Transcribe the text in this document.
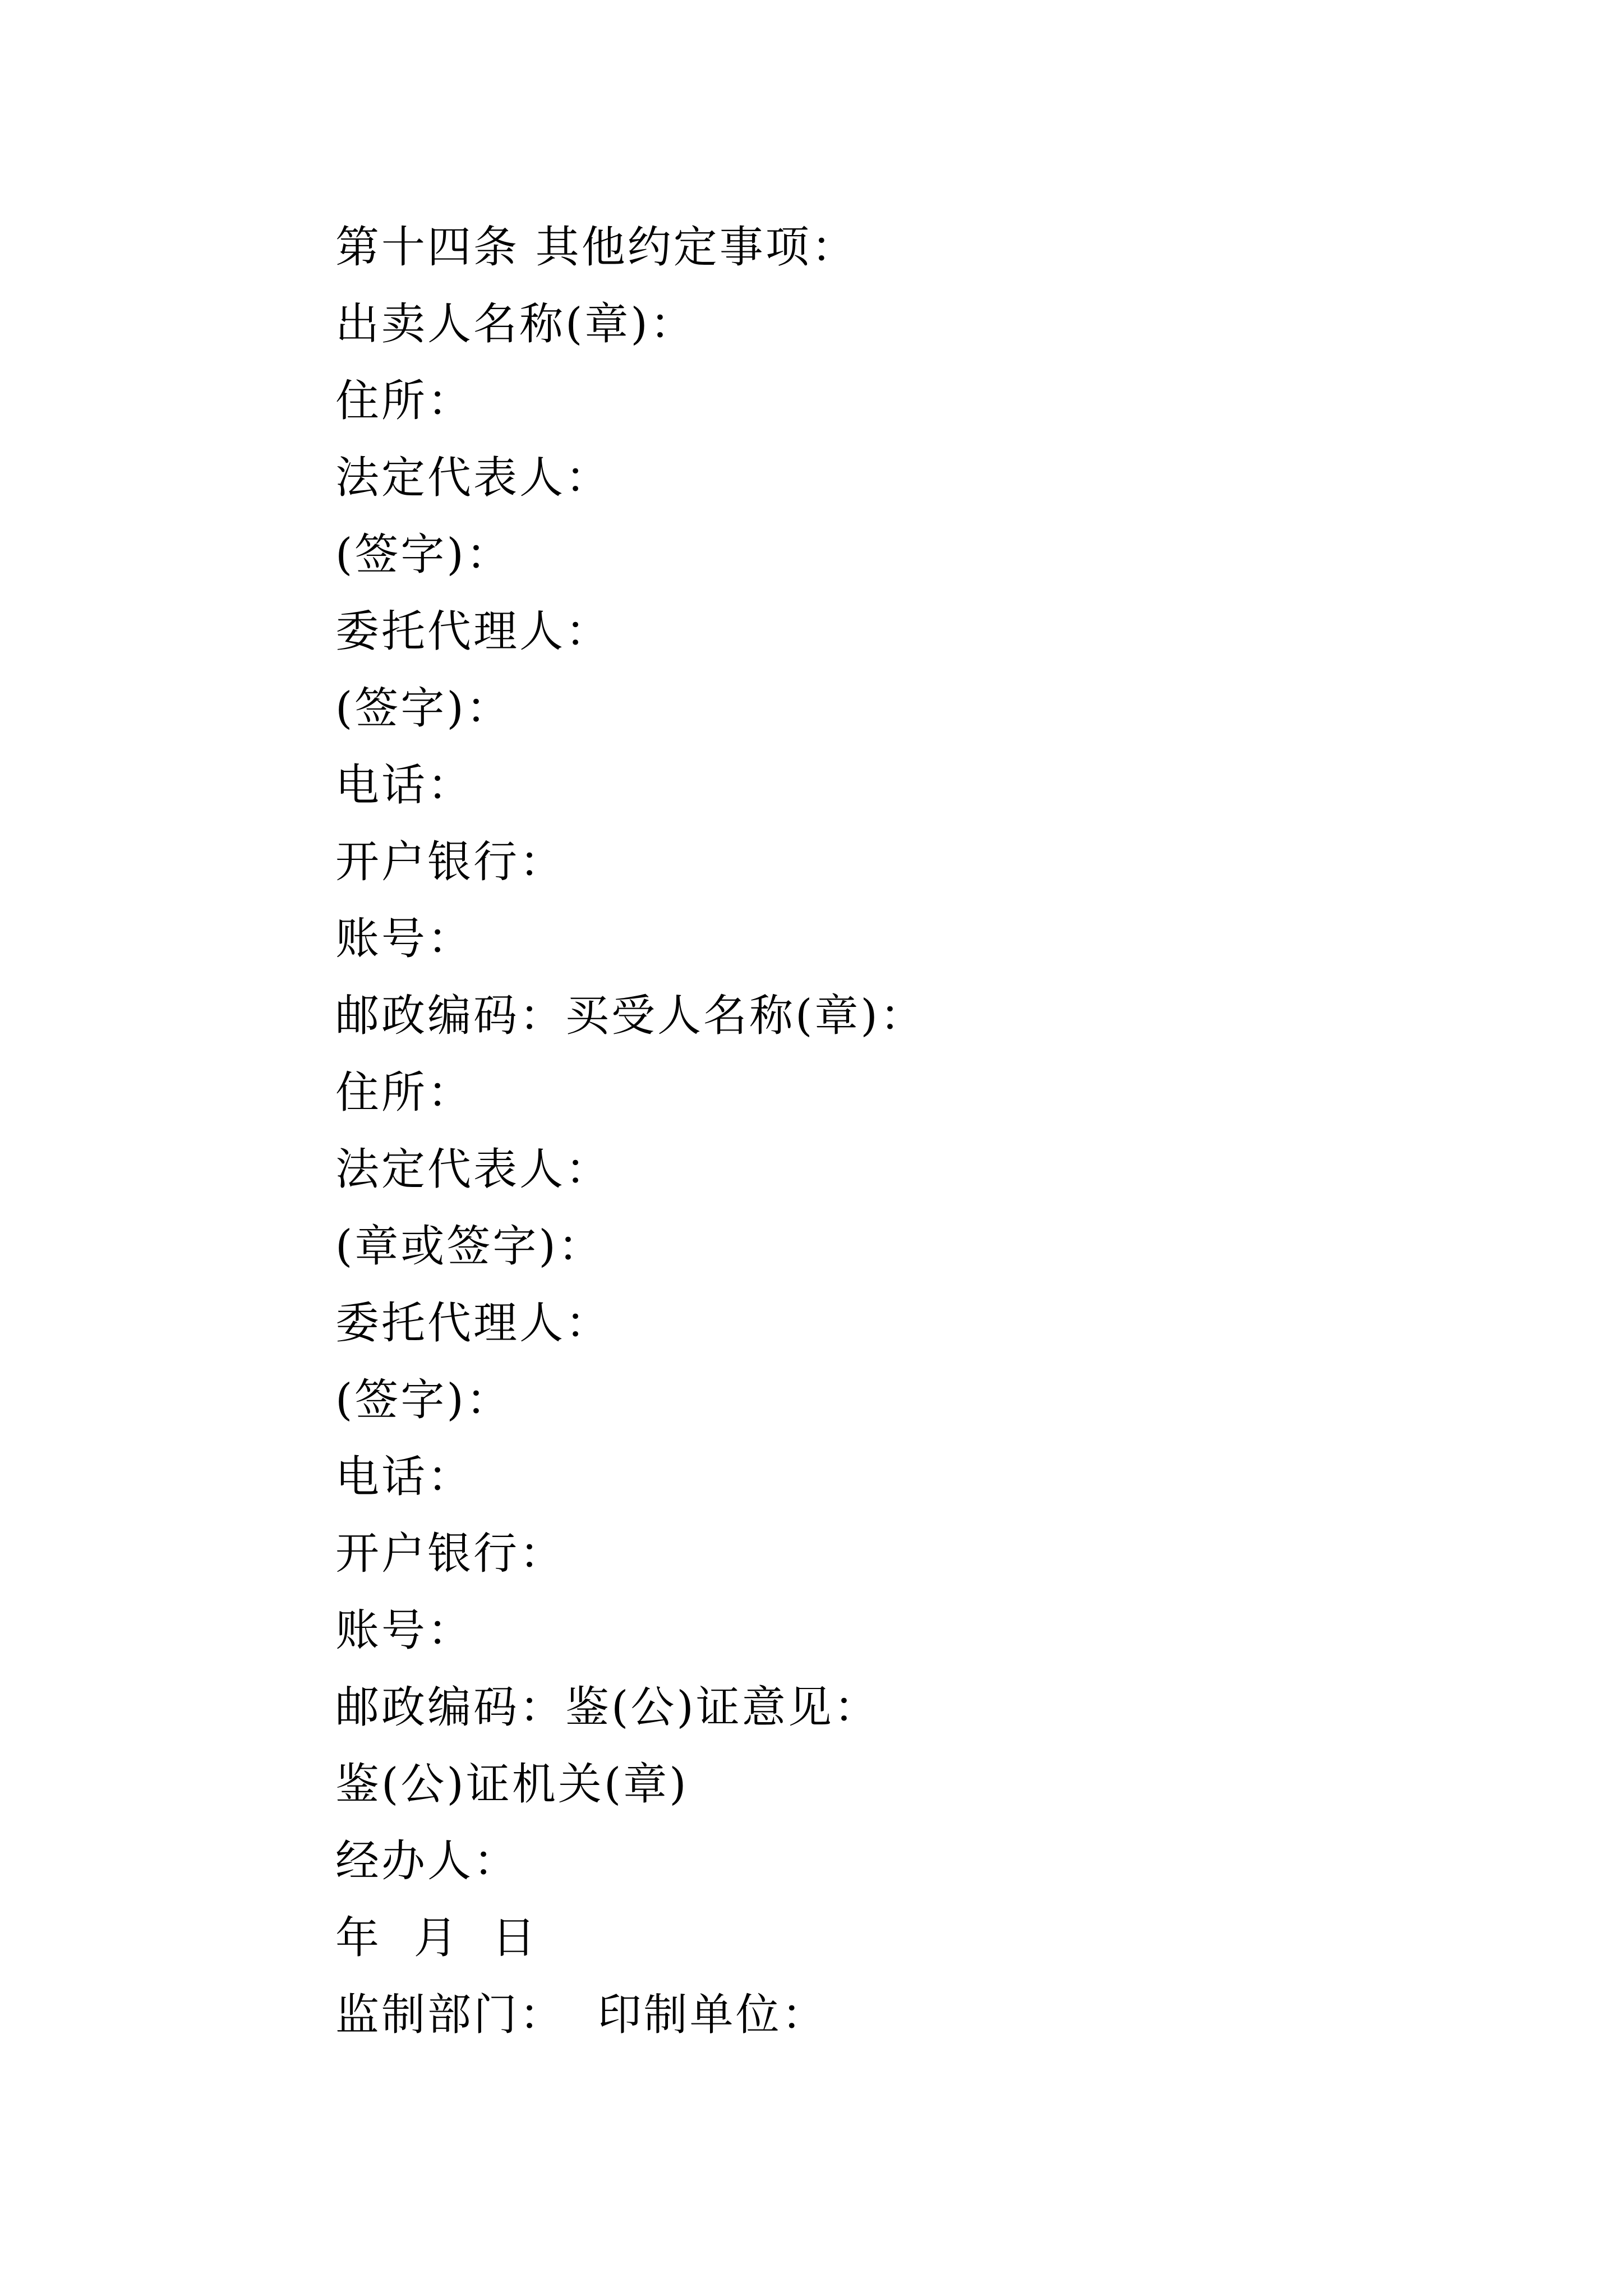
第十四条 其他约定事项：
出卖人名称(章)：
住所：
法定代表人：
(签字)：
委托代理人：
(签字)：
电话：
开户银行：
账号：
邮政编码：买受人名称(章)：
住所：
法定代表人：
(章或签字)：
委托代理人：
(签字)：
电话：
开户银行：
账号：
邮政编码：鉴(公)证意见：
鉴(公)证机关(章)
经办人：
年  月  日
监制部门：  印制单位：
